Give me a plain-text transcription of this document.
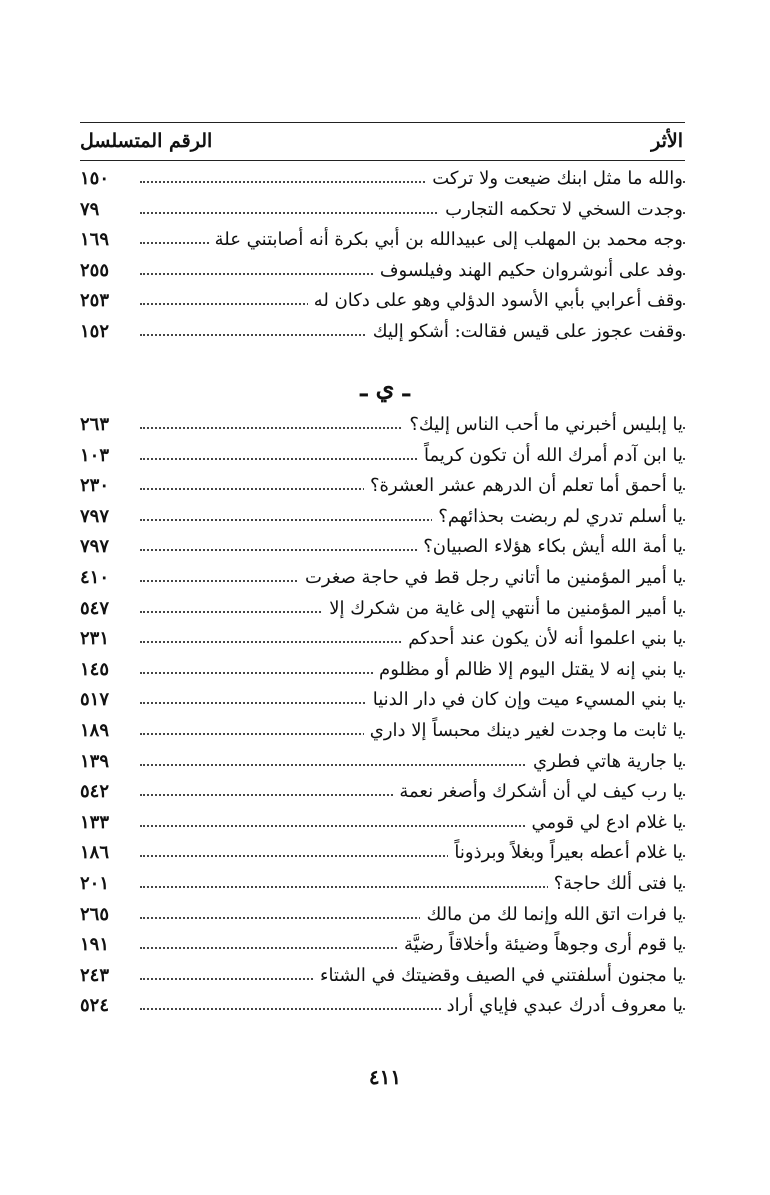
الأثر
الرقم المتسلسل
والله ما مثل ابنك ضيعت ولا تركت
١٥٠
وجدت السخي لا تحكمه التجارب
٧٩
وجه محمد بن المهلب إلى عبيدالله بن أبي بكرة أنه أصابتني علة
١٦٩
وفد على أنوشروان حكيم الهند وفيلسوف
٢٥٥
وقف أعرابي بأبي الأسود الدؤلي وهو على دكان له
٢٥٣
وقفت عجوز على قيس فقالت: أشكو إليك
١٥٢
ـ ي ـ
يا إبليس أخبرني ما أحب الناس إليك؟
٢٦٣
يا ابن آدم أمرك الله أن تكون كريماً
١٠٣
يا أحمق أما تعلم أن الدرهم عشر العشرة؟
٢٣٠
يا أسلم تدري لم ربضت بحذائهم؟
٧٩٧
يا أمة الله أيش بكاء هؤلاء الصبيان؟
٧٩٧
يا أمير المؤمنين ما أتاني رجل قط في حاجة صغرت
٤١٠
يا أمير المؤمنين ما أنتهي إلى غاية من شكرك إلا
٥٤٧
يا بني اعلموا أنه لأن يكون عند أحدكم
٢٣١
يا بني إنه لا يقتل اليوم إلا ظالم أو مظلوم
١٤٥
يا بني المسيء ميت وإن كان في دار الدنيا
٥١٧
يا ثابت ما وجدت لغير دينك محبساً إلا داري
١٨٩
يا جارية هاتي فطري
١٣٩
يا رب كيف لي أن أشكرك وأصغر نعمة
٥٤٢
يا غلام ادع لي قومي
١٣٣
يا غلام أعطه بعيراً وبغلاً وبرذوناً
١٨٦
يا فتى ألك حاجة؟
٢٠١
يا فرات اتق الله وإنما لك من مالك
٢٦٥
يا قوم أرى وجوهاً وضيئة وأخلاقاً رضيَّة
١٩١
يا مجنون أسلفتني في الصيف وقضيتك في الشتاء
٢٤٣
يا معروف أدرك عبدي فإياي أراد
٥٢٤
٤١١
